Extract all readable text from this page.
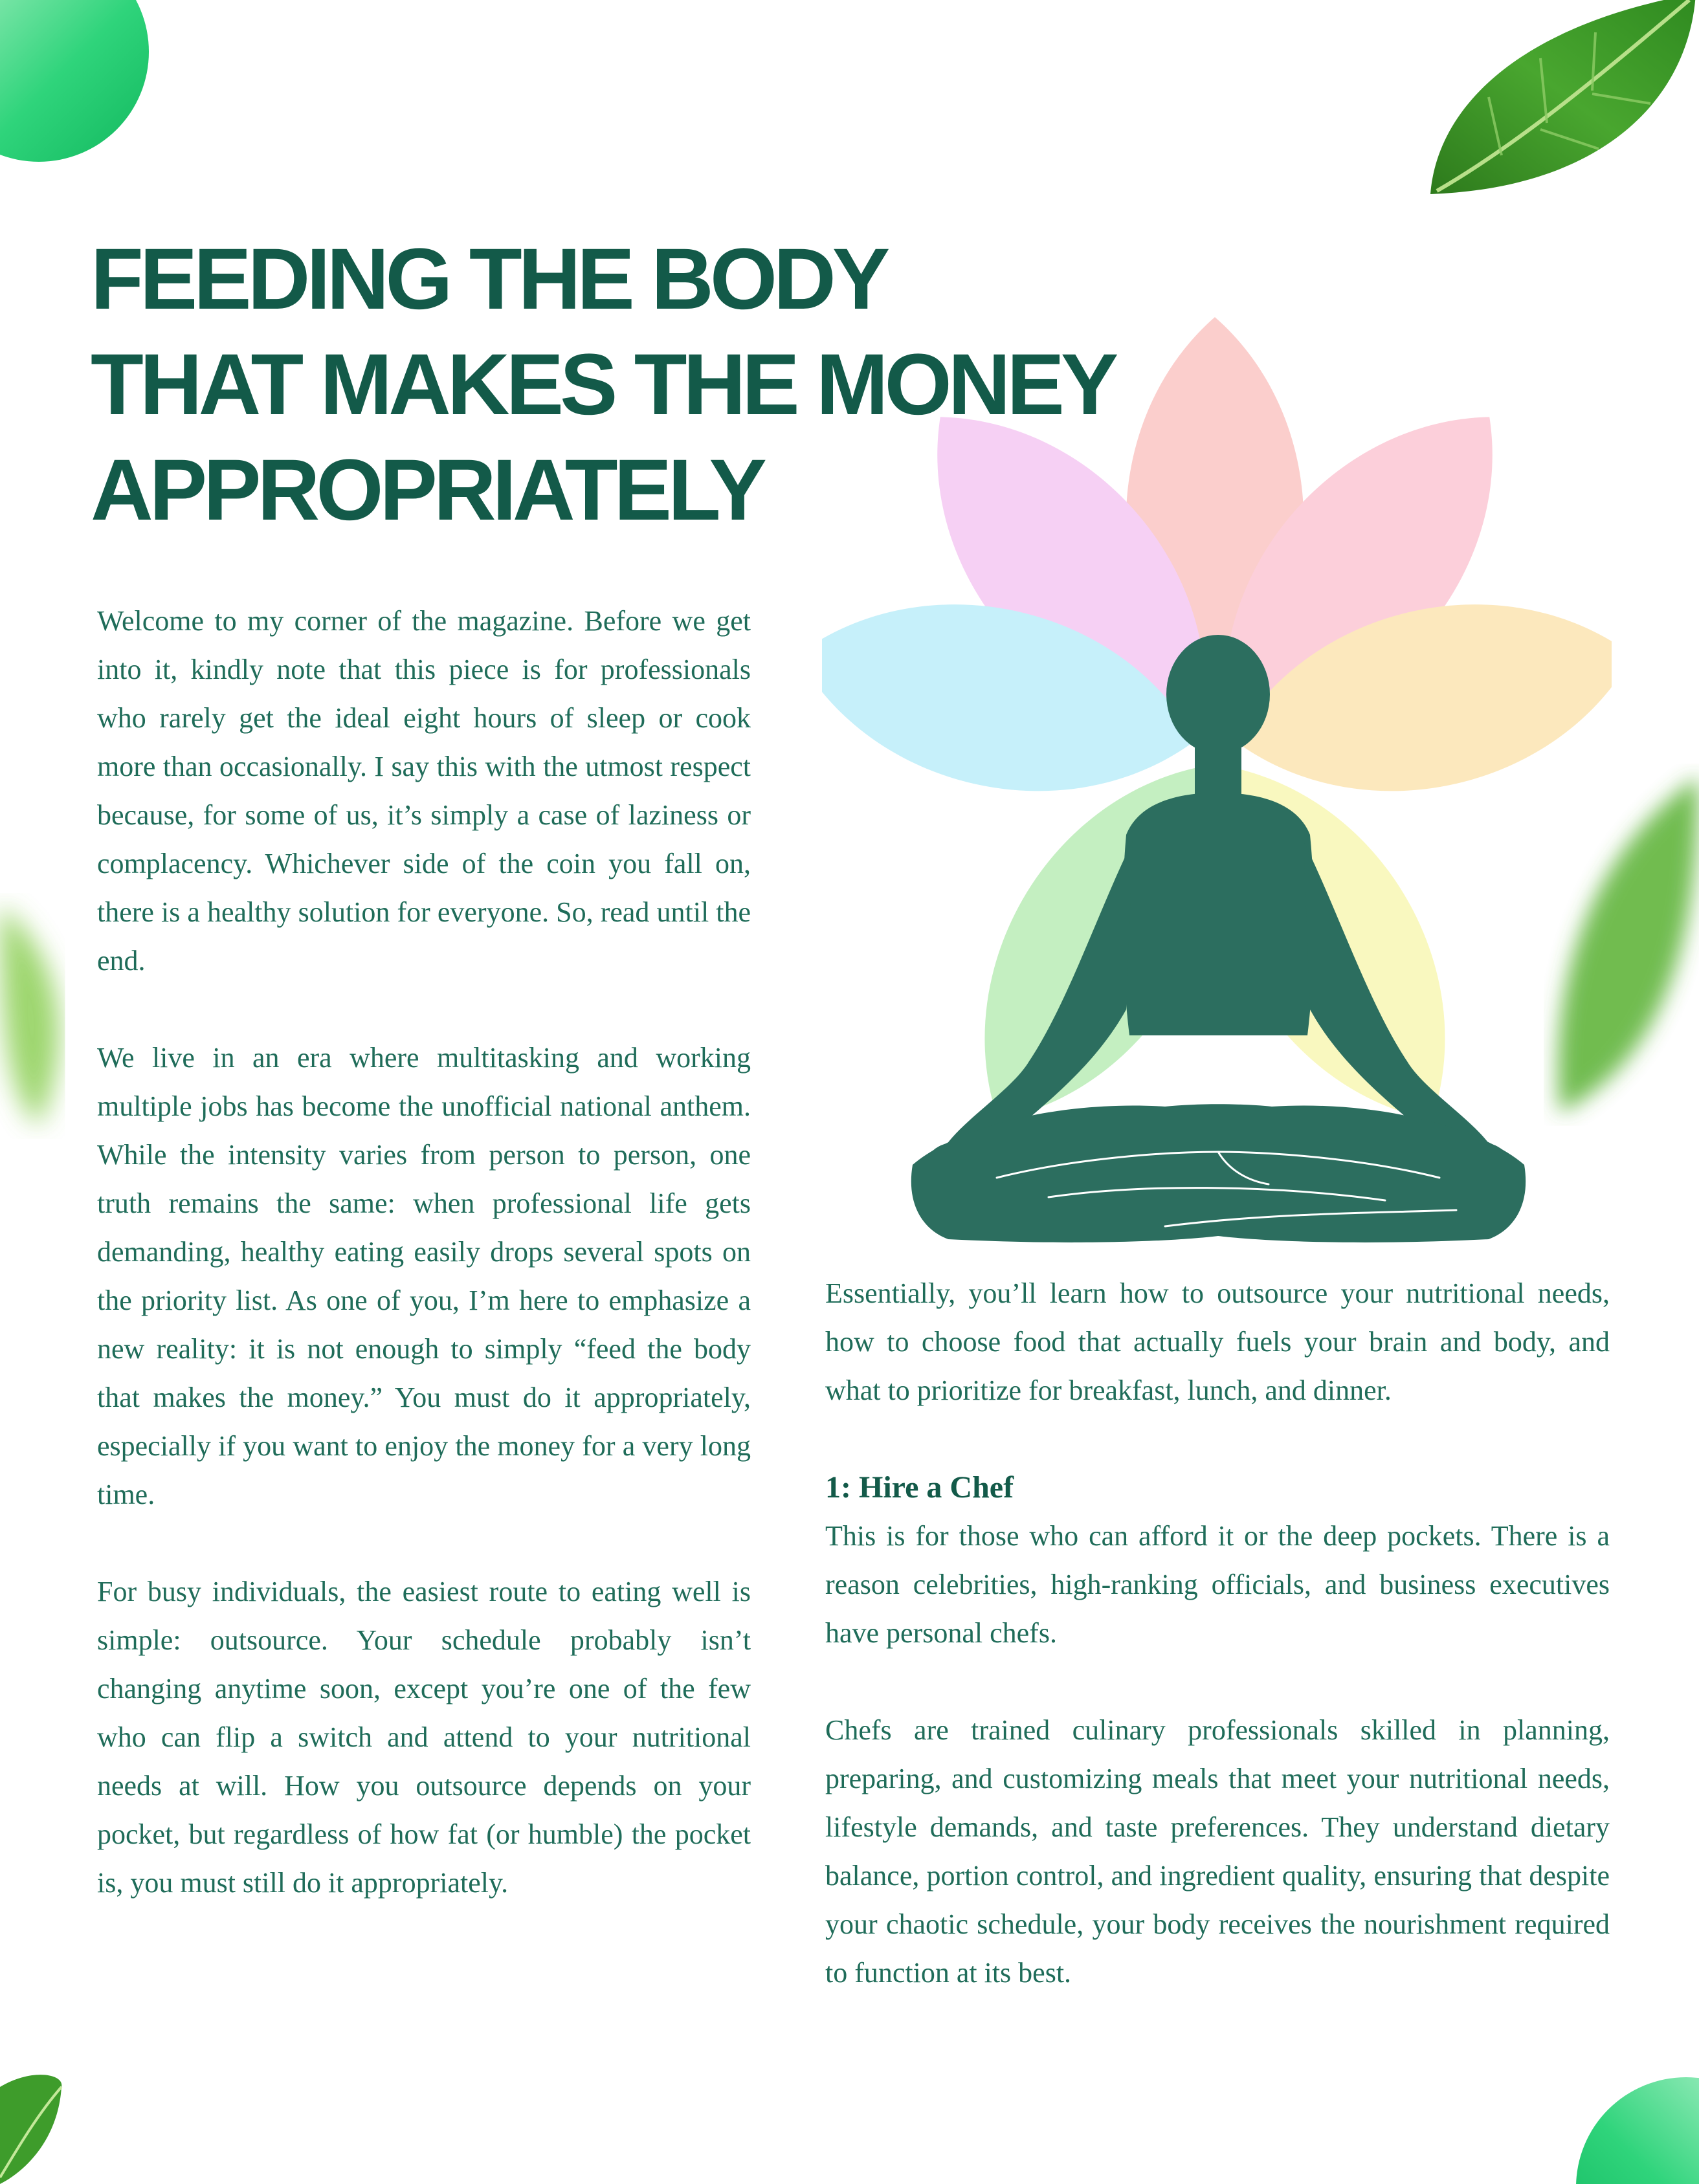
FEEDING THE BODY
THAT MAKES THE MONEY
APPROPRIATELY

Welcome to my corner of the magazine. Before we get into it, kindly note that this piece is for professionals who rarely get the ideal eight hours of sleep or cook more than occasionally. I say this with the utmost respect because, for some of us, it’s simply a case of laziness or complacency. Whichever side of the coin you fall on, there is a healthy solution for everyone. So, read until the end.

We live in an era where multitasking and working multiple jobs has become the unofficial national anthem. While the intensity varies from person to person, one truth remains the same: when professional life gets demanding, healthy eating easily drops several spots on the priority list. As one of you, I’m here to emphasize a new reality: it is not enough to simply “feed the body that makes the money.” You must do it appropriately, especially if you want to enjoy the money for a very long time.

For busy individuals, the easiest route to eating well is simple: outsource. Your schedule probably isn’t changing anytime soon, except you’re one of the few who can flip a switch and attend to your nutritional needs at will. How you outsource depends on your pocket, but regardless of how fat (or humble) the pocket is, you must still do it appropriately.

Essentially, you’ll learn how to outsource your nutritional needs, how to choose food that actually fuels your brain and body, and what to prioritize for breakfast, lunch, and dinner.

1: Hire a Chef

This is for those who can afford it or the deep pockets. There is a reason celebrities, high-ranking officials, and business executives have personal chefs.

Chefs are trained culinary professionals skilled in planning, preparing, and customizing meals that meet your nutritional needs, lifestyle demands, and taste preferences. They understand dietary balance, portion control, and ingredient quality, ensuring that despite your chaotic schedule, your body receives the nourishment required to function at its best.
